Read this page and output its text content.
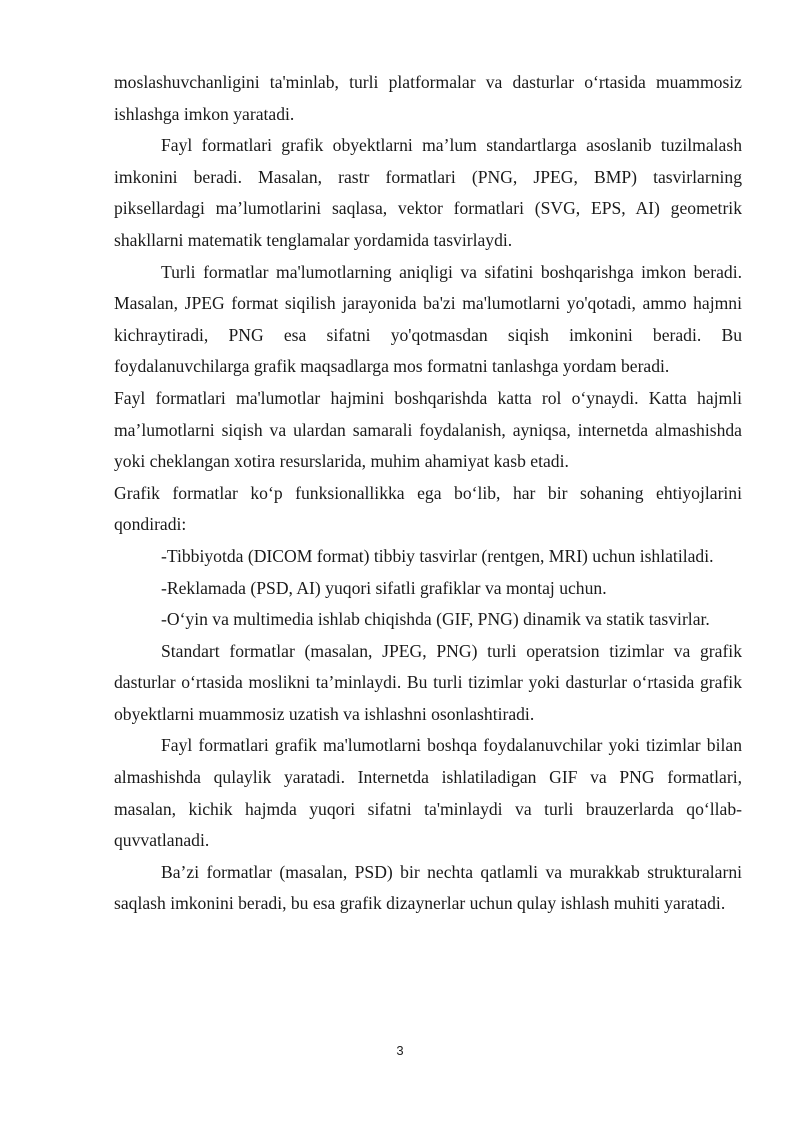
moslashuvchanligini ta'minlab, turli platformalar va dasturlar o‘rtasida muammosiz ishlashga imkon yaratadi.

Fayl formatlari grafik obyektlarni ma’lum standartlarga asoslanib tuzilmalash imkonini beradi. Masalan, rastr formatlari (PNG, JPEG, BMP) tasvirlarning piksellardagi ma’lumotlarini saqlasa, vektor formatlari (SVG, EPS, AI) geometrik shakllarni matematik tenglamalar yordamida tasvirlaydi.

Turli formatlar ma'lumotlarning aniqligi va sifatini boshqarishga imkon beradi. Masalan, JPEG format siqilish jarayonida ba'zi ma'lumotlarni yo'qotadi, ammo hajmni kichraytiradi, PNG esa sifatni yo'qotmasdan siqish imkonini beradi. Bu foydalanuvchilarga grafik maqsadlarga mos formatni tanlashga yordam beradi.

Fayl formatlari ma'lumotlar hajmini boshqarishda katta rol o‘ynaydi. Katta hajmli ma’lumotlarni siqish va ulardan samarali foydalanish, ayniqsa, internetda almashishda yoki cheklangan xotira resurslarida, muhim ahamiyat kasb etadi.

Grafik formatlar ko‘p funksionallikka ega bo‘lib, har bir sohaning ehtiyojlarini qondiradi:

-Tibbiyotda (DICOM format) tibbiy tasvirlar (rentgen, MRI) uchun ishlatiladi.

-Reklamada (PSD, AI) yuqori sifatli grafiklar va montaj uchun.

-O‘yin va multimedia ishlab chiqishda (GIF, PNG) dinamik va statik tasvirlar.

Standart formatlar (masalan, JPEG, PNG) turli operatsion tizimlar va grafik dasturlar o‘rtasida moslikni ta’minlaydi. Bu turli tizimlar yoki dasturlar o‘rtasida grafik obyektlarni muammosiz uzatish va ishlashni osonlashtiradi.

Fayl formatlari grafik ma'lumotlarni boshqa foydalanuvchilar yoki tizimlar bilan almashishda qulaylik yaratadi. Internetda ishlatiladigan GIF va PNG formatlari, masalan, kichik hajmda yuqori sifatni ta'minlaydi va turli brauzerlarda qo‘llab-quvvatlanadi.

Ba’zi formatlar (masalan, PSD) bir nechta qatlamli va murakkab strukturalarni saqlash imkonini beradi, bu esa grafik dizaynerlar uchun qulay ishlash muhiti yaratadi.

3
